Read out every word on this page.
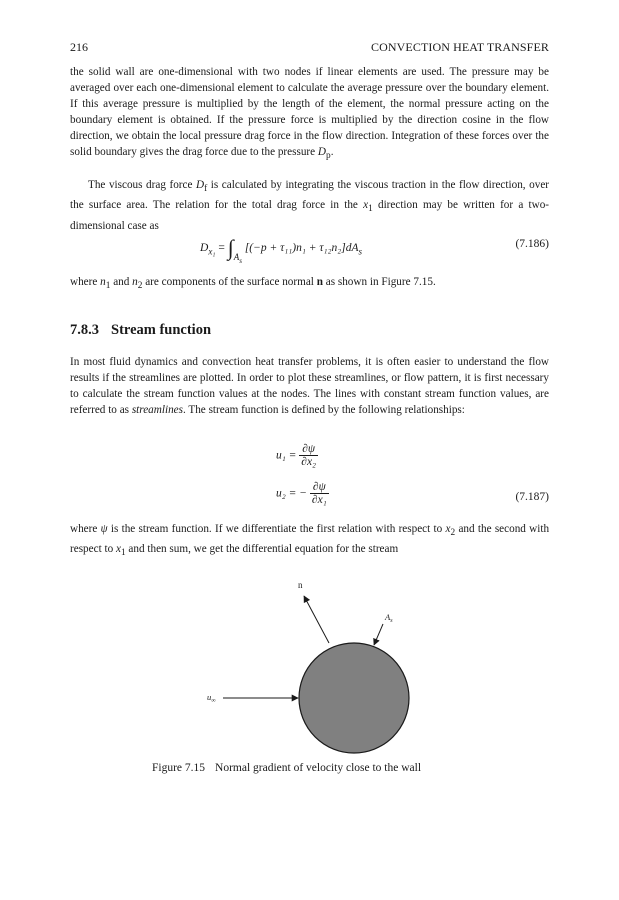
216	CONVECTION HEAT TRANSFER

the solid wall are one-dimensional with two nodes if linear elements are used. The pressure may be averaged over each one-dimensional element to calculate the average pressure over the boundary element. If this average pressure is multiplied by the length of the element, the normal pressure acting on the boundary element is obtained. If the pressure force is multiplied by the direction cosine in the flow direction, we obtain the local pressure drag force in the flow direction. Integration of these forces over the solid boundary gives the drag force due to the pressure $D_p$.

The viscous drag force $D_f$ is calculated by integrating the viscous traction in the flow direction, over the surface area. The relation for the total drag force in the $x_1$ direction may be written for a two-dimensional case as

$D_{x_1} = \int_{A_s}$ $[(-p + \tau_{11})n_1 + \tau_{12}n_2]dA_s$
(7.186)

where $n_1$ and $n_2$ are components of the surface normal n as shown in Figure 7.15.

7.8.3 Stream function

In most fluid dynamics and convection heat transfer problems, it is often easier to understand the flow results if the streamlines are plotted. In order to plot these streamlines, or flow pattern, it is first necessary to calculate the stream function values at the nodes. The lines with constant stream function values, are referred to as streamlines. The stream function is defined by the following relationships:

$u_1 = \frac{\partial\psi}{\text{∂x₂}}$
u₂ = − $\frac{\partial\psi}{\text{∂x₁}}$	(7.187)

where ψ is the stream function. If we differentiate the first relation with respect to $x_2$ and the second with respect to $x_1$ and then sum, we get the differential equation for the stream

n
$A_s$
$u_\infty$
Figure 7.15 Normal gradient of velocity close to the wall
